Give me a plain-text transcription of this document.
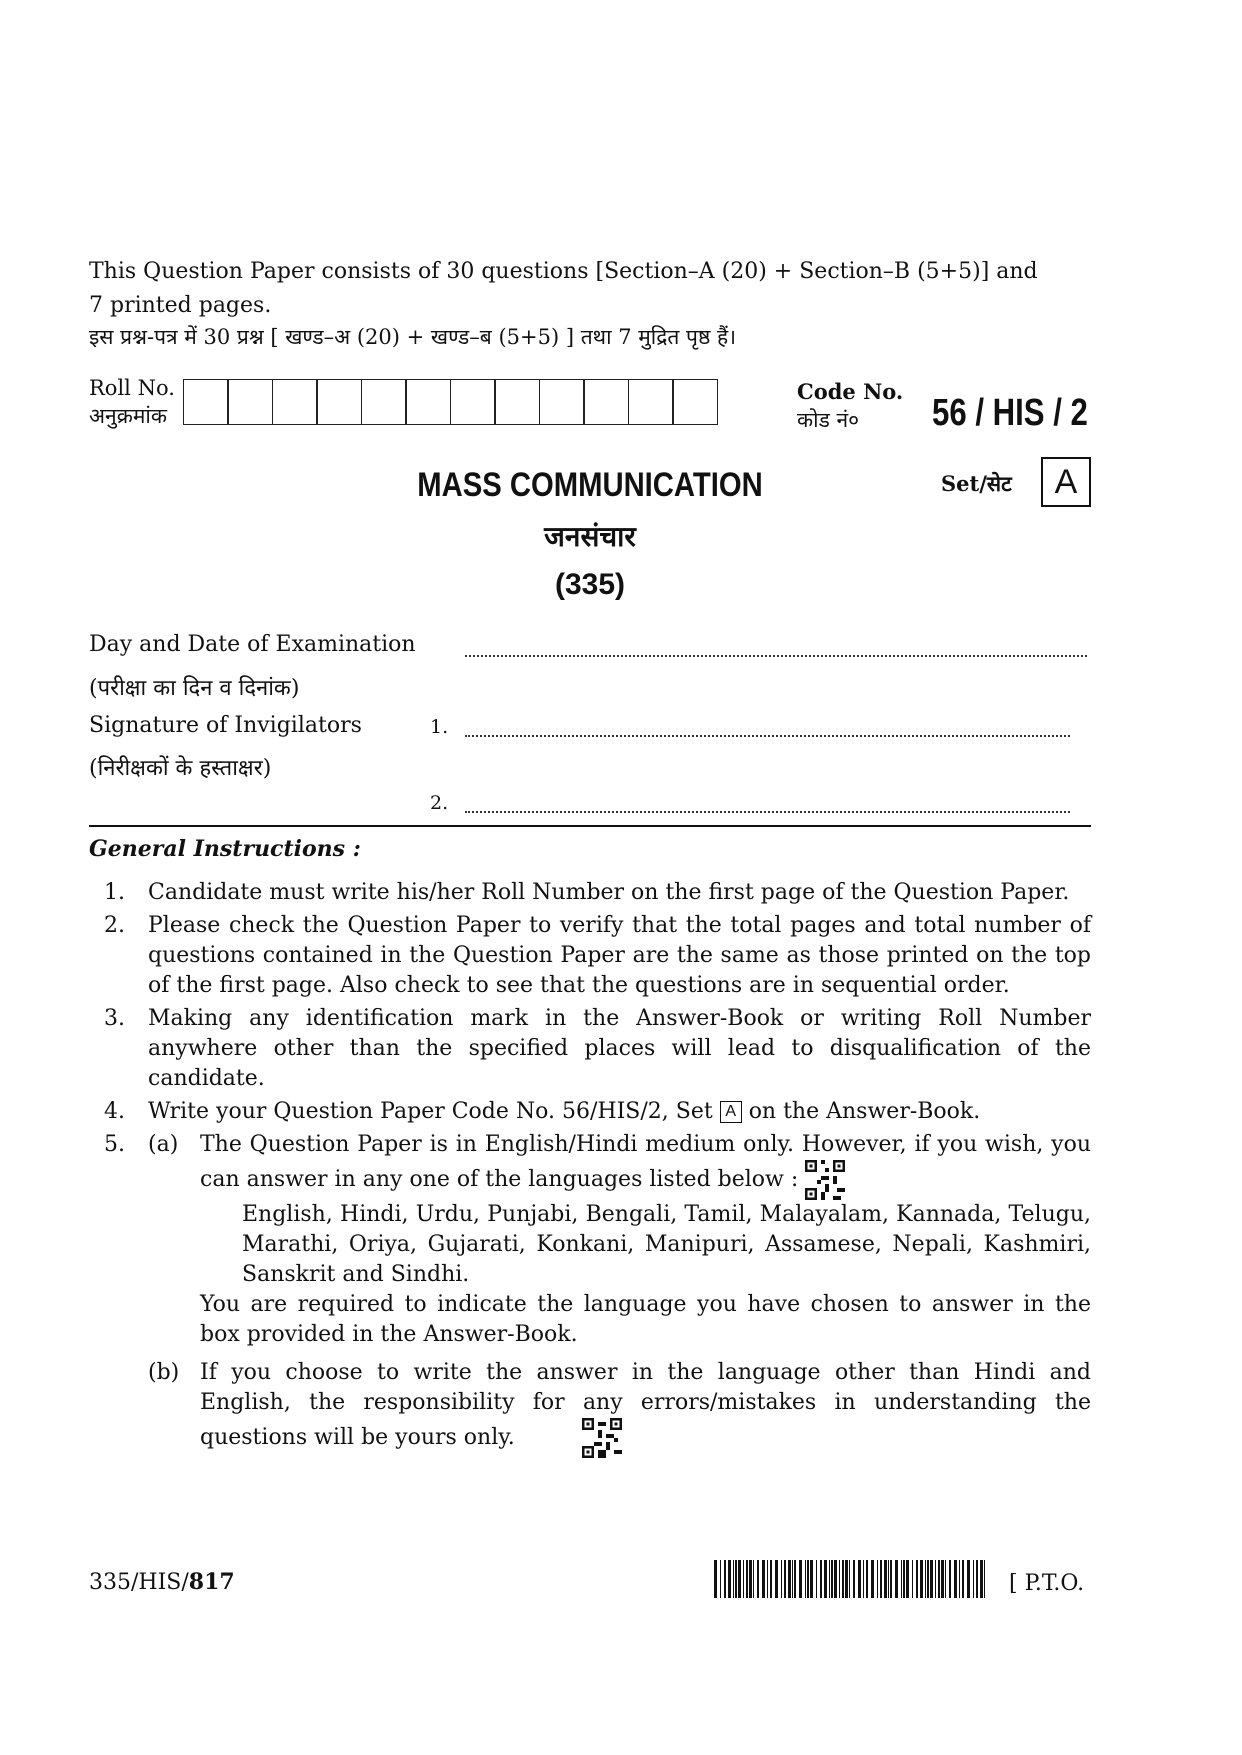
This Question Paper consists of 30 questions [Section–A (20) + Section–B (5+5)] and
7 printed pages.
इस प्रश्न-पत्र में 30 प्रश्न [ खण्ड–अ (20) + खण्ड–ब (5+5) ] तथा 7 मुद्रित पृष्ठ हैं।
Roll No.
अनुक्रमांक
Code No.
कोड नं०	56 / HIS / 2
MASS COMMUNICATION
जनसंचार
(335)
Set/सेट	A
Day and Date of Examination
(परीक्षा का दिन व दिनांक)
Signature of Invigilators
(निरीक्षकों के हस्ताक्षर)
1.
2.
General Instructions :
1. Candidate must write his/her Roll Number on the first page of the Question Paper.
2. Please check the Question Paper to verify that the total pages and total number of questions contained in the Question Paper are the same as those printed on the top of the first page. Also check to see that the questions are in sequential order.
3. Making any identification mark in the Answer-Book or writing Roll Number anywhere other than the specified places will lead to disqualification of the candidate.
4. Write your Question Paper Code No. 56/HIS/2, Set A on the Answer-Book.
5. (a) The Question Paper is in English/Hindi medium only. However, if you wish, you can answer in any one of the languages listed below :
English, Hindi, Urdu, Punjabi, Bengali, Tamil, Malayalam, Kannada, Telugu, Marathi, Oriya, Gujarati, Konkani, Manipuri, Assamese, Nepali, Kashmiri, Sanskrit and Sindhi.
You are required to indicate the language you have chosen to answer in the box provided in the Answer-Book.
(b) If you choose to write the answer in the language other than Hindi and English, the responsibility for any errors/mistakes in understanding the questions will be yours only.
335/HIS/817	[ P.T.O.
